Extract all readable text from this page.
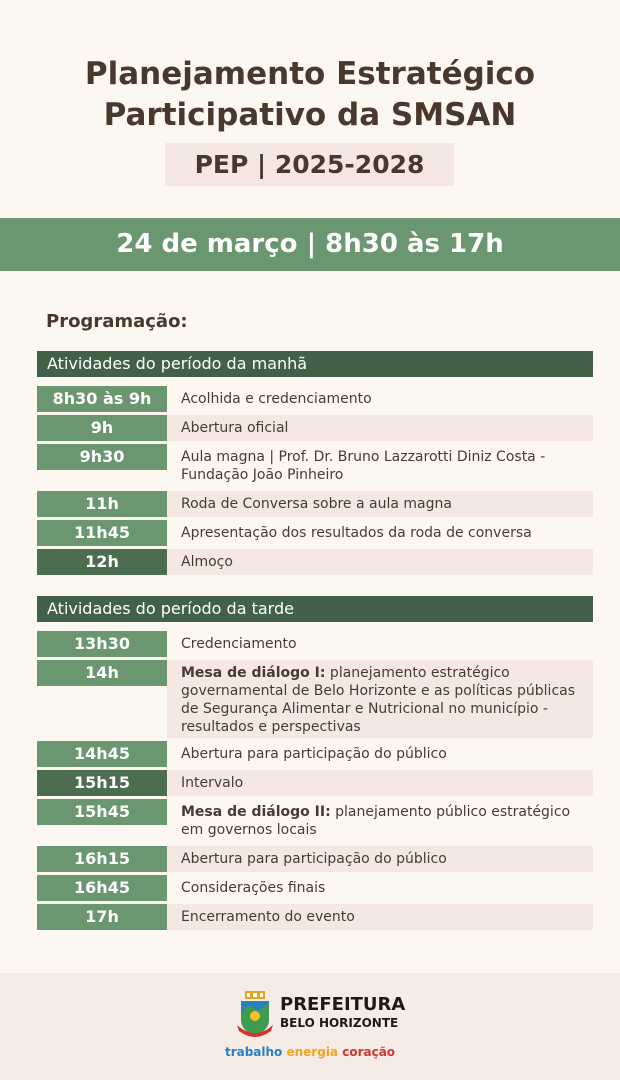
Planejamento Estratégico
Participativo da SMSAN
PEP | 2025-2028
24 de março | 8h30 às 17h
Programação:
Atividades do período da manhã
8h30 às 9h	Acolhida e credenciamento
9h	Abertura oficial
9h30	Aula magna | Prof. Dr. Bruno Lazzarotti Diniz Costa - Fundação João Pinheiro
11h	Roda de Conversa sobre a aula magna
11h45	Apresentação dos resultados da roda de conversa
12h	Almoço
Atividades do período da tarde
13h30	Credenciamento
14h	Mesa de diálogo I: planejamento estratégico governamental de Belo Horizonte e as políticas públicas de Segurança Alimentar e Nutricional no município - resultados e perspectivas
14h45	Abertura para participação do público
15h15	Intervalo
15h45	Mesa de diálogo II: planejamento público estratégico em governos locais
16h15	Abertura para participação do público
16h45	Considerações finais
17h	Encerramento do evento
PREFEITURA
BELO HORIZONTE
trabalho energia coração
